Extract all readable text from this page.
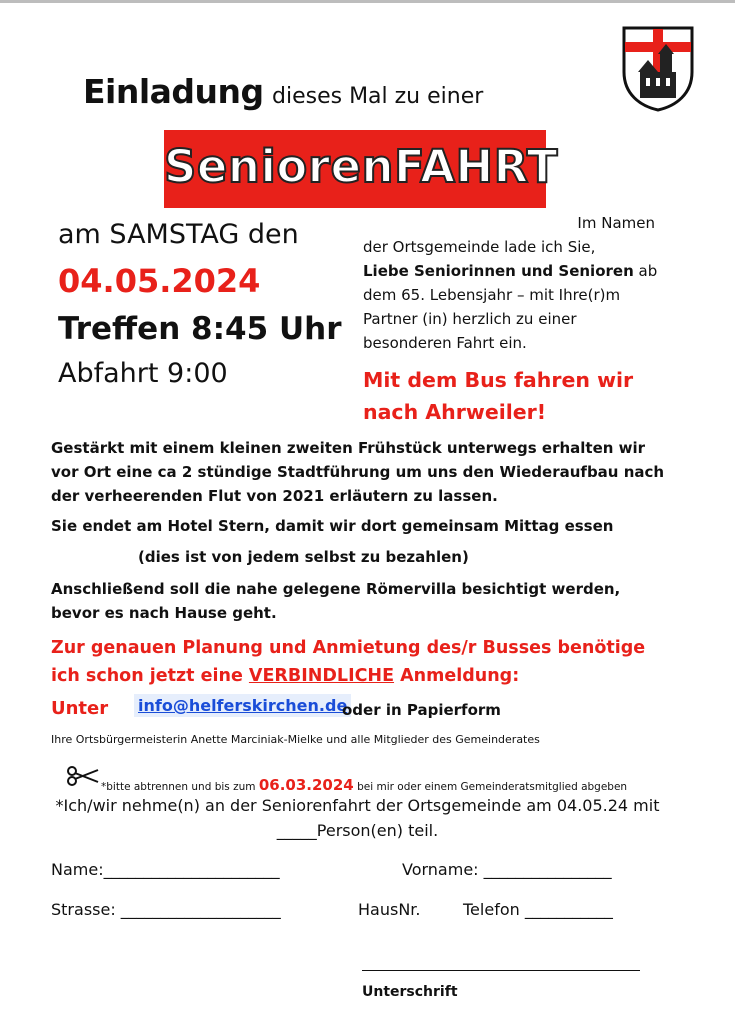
Einladung dieses Mal zu einer
SeniorenFAHRT
am SAMSTAG den
04.05.2024
Treffen 8:45 Uhr
Abfahrt 9:00
Im Namen
der Ortsgemeinde lade ich Sie,
Liebe Seniorinnen und Senioren ab
dem 65. Lebensjahr – mit Ihre(r)m
Partner (in) herzlich zu einer
besonderen Fahrt ein.
Mit dem Bus fahren wir
nach Ahrweiler!
Gestärkt mit einem kleinen zweiten Frühstück unterwegs erhalten wir vor Ort eine ca 2 stündige Stadtführung um uns den Wiederaufbau nach der verheerenden Flut von 2021 erläutern zu lassen.
Sie endet am Hotel Stern, damit wir dort gemeinsam Mittag essen
(dies ist von jedem selbst zu bezahlen)
Anschließend soll die nahe gelegene Römervilla besichtigt werden, bevor es nach Hause geht.
Zur genauen Planung und Anmietung des/r Busses benötige ich schon jetzt eine VERBINDLICHE Anmeldung:
Unter info@helferskirchen.de
oder in Papierform
Ihre Ortsbürgermeisterin Anette Marciniak-Mielke und alle Mitglieder des Gemeinderates
*bitte abtrennen und bis zum 06.03.2024 bei mir oder einem Gemeinderatsmitglied abgeben
*Ich/wir nehme(n) an der Seniorenfahrt der Ortsgemeinde am 04.05.24 mit
_____Person(en) teil.
Name:______________________	Vorname: ________________
Strasse: ____________________	HausNr.	Telefon ___________
Unterschrift
